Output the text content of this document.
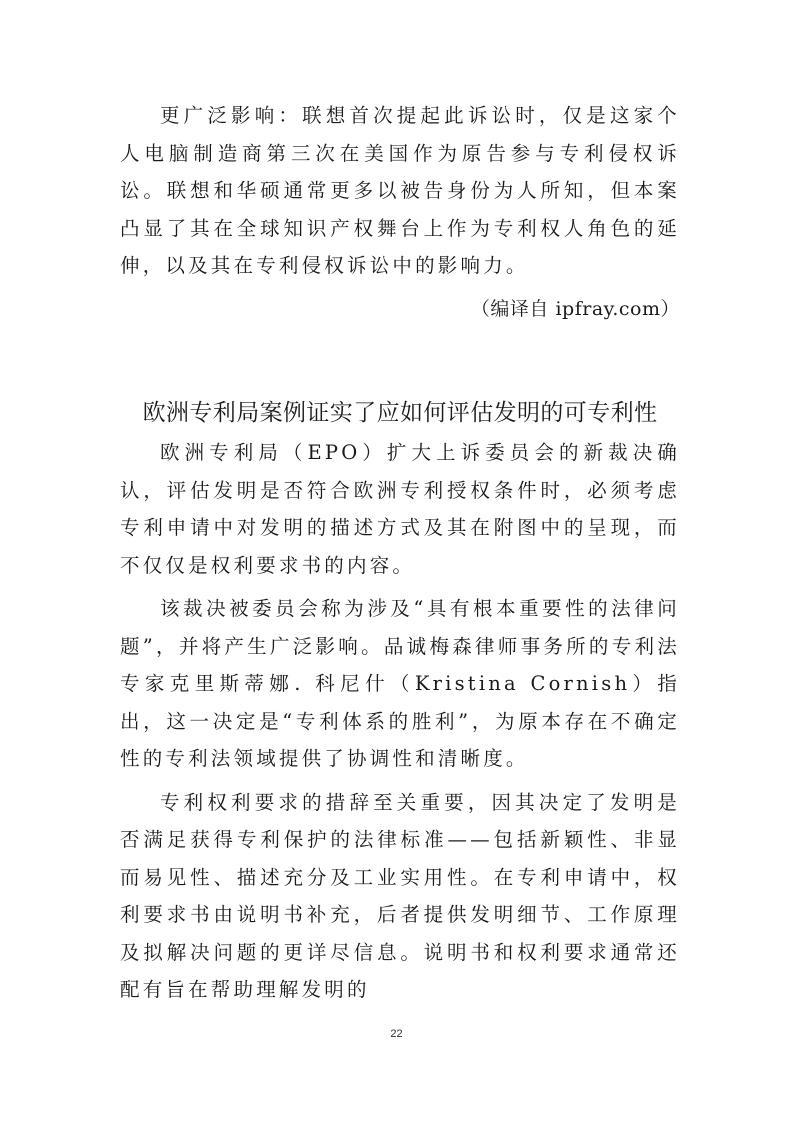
更广泛影响：联想首次提起此诉讼时，仅是这家个人电脑制造商第三次在美国作为原告参与专利侵权诉讼。联想和华硕通常更多以被告身份为人所知，但本案凸显了其在全球知识产权舞台上作为专利权人角色的延伸，以及其在专利侵权诉讼中的影响力。

（编译自 ipfray.com）

欧洲专利局案例证实了应如何评估发明的可专利性

欧洲专利局（EPO）扩大上诉委员会的新裁决确认，评估发明是否符合欧洲专利授权条件时，必须考虑专利申请中对发明的描述方式及其在附图中的呈现，而不仅仅是权利要求书的内容。

该裁决被委员会称为涉及“具有根本重要性的法律问题”，并将产生广泛影响。品诚梅森律师事务所的专利法专家克里斯蒂娜. 科尼什（Kristina Cornish）指出，这一决定是“专利体系的胜利”，为原本存在不确定性的专利法领域提供了协调性和清晰度。

专利权利要求的措辞至关重要，因其决定了发明是否满足获得专利保护的法律标准——包括新颖性、非显而易见性、描述充分及工业实用性。在专利申请中，权利要求书由说明书补充，后者提供发明细节、工作原理及拟解决问题的更详尽信息。说明书和权利要求通常还配有旨在帮助理解发明的

22
